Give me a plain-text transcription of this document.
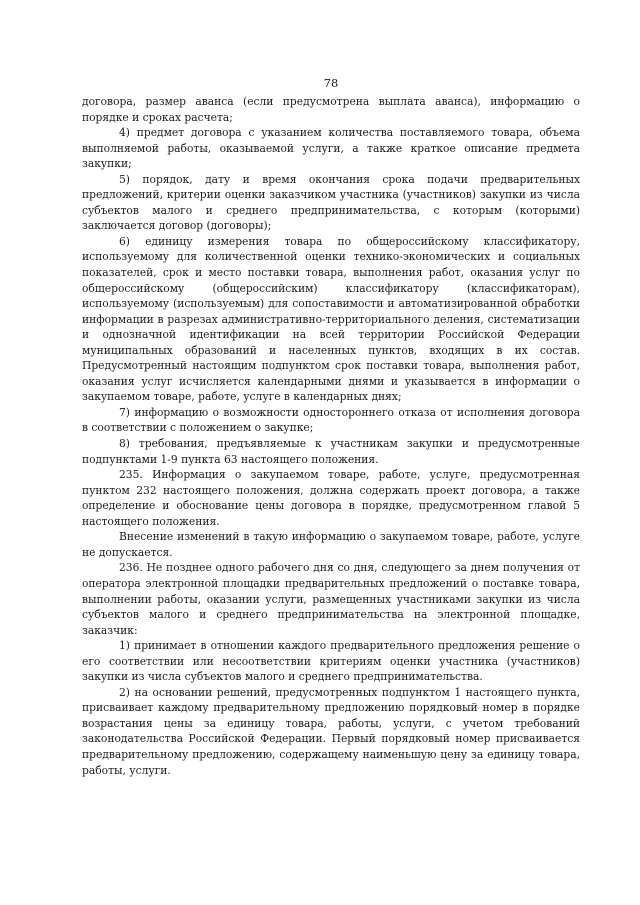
78

договора, размер аванса (если предусмотрена выплата аванса), информацию о порядке и сроках расчета;

4) предмет договора с указанием количества поставляемого товара, объема выполняемой работы, оказываемой услуги, а также краткое описание предмета закупки;

5) порядок, дату и время окончания срока подачи предварительных предложений, критерии оценки заказчиком участника (участников) закупки из числа субъектов малого и среднего предпринимательства, с которым (которыми) заключается договор (договоры);

6) единицу измерения товара по общероссийскому классификатору, используемому для количественной оценки технико-экономических и социальных показателей, срок и место поставки товара, выполнения работ, оказания услуг по общероссийскому (общероссийским) классификатору (классификаторам), используемому (используемым) для сопоставимости и автоматизированной обработки информации в разрезах административно-территориального деления, систематизации и однозначной идентификации на всей территории Российской Федерации муниципальных образований и населенных пунктов, входящих в их состав. Предусмотренный настоящим подпунктом срок поставки товара, выполнения работ, оказания услуг исчисляется календарными днями и указывается в информации о закупаемом товаре, работе, услуге в календарных днях;

7) информацию о возможности одностороннего отказа от исполнения договора в соответствии с положением о закупке;

8) требования, предъявляемые к участникам закупки и предусмотренные подпунктами 1-9 пункта 63 настоящего положения.

235. Информация о закупаемом товаре, работе, услуге, предусмотренная пунктом 232 настоящего положения, должна содержать проект договора, а также определение и обоснование цены договора в порядке, предусмотренном главой 5 настоящего положения.

Внесение изменений в такую информацию о закупаемом товаре, работе, услуге не допускается.

236. Не позднее одного рабочего дня со дня, следующего за днем получения от оператора электронной площадки предварительных предложений о поставке товара, выполнении работы, оказании услуги, размещенных участниками закупки из числа субъектов малого и среднего предпринимательства на электронной площадке, заказчик:

1) принимает в отношении каждого предварительного предложения решение о его соответствии или несоответствии критериям оценки участника (участников) закупки из числа субъектов малого и среднего предпринимательства.

2) на основании решений, предусмотренных подпунктом 1 настоящего пункта, присваивает каждому предварительному предложению порядковый номер в порядке возрастания цены за единицу товара, работы, услуги, с учетом требований законодательства Российской Федерации. Первый порядковый номер присваивается предварительному предложению, содержащему наименьшую цену за единицу товара, работы, услуги.
